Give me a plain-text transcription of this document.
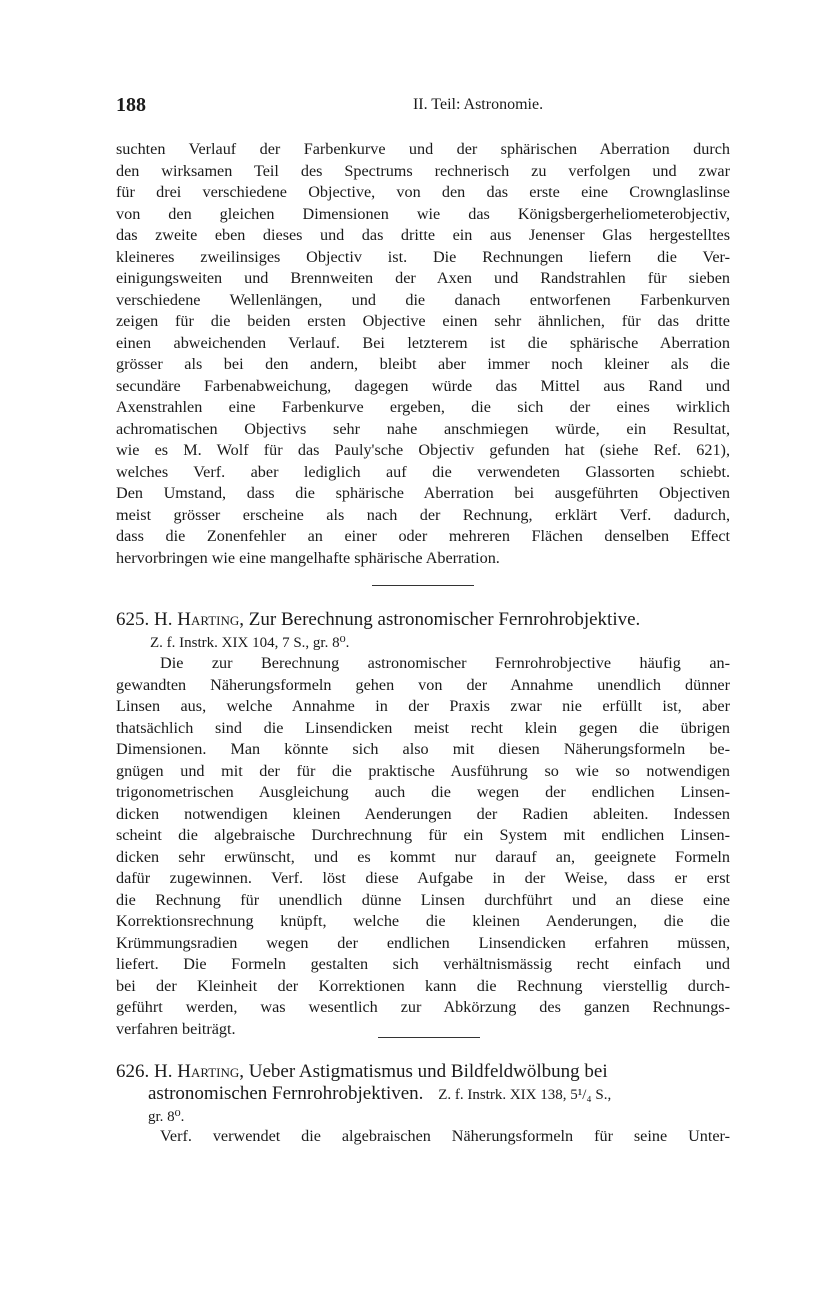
188	II. Teil: Astronomie.
suchten Verlauf der Farbenkurve und der sphärischen Aberration durch
den wirksamen Teil des Spectrums rechnerisch zu verfolgen und zwar
für drei verschiedene Objective, von den das erste eine Crownglaslinse
von den gleichen Dimensionen wie das Königsbergerheliometerobjectiv,
das zweite eben dieses und das dritte ein aus Jenenser Glas hergestelltes
kleineres zweilinsiges Objectiv ist. Die Rechnungen liefern die Ver-
einigungsweiten und Brennweiten der Axen und Randstrahlen für sieben
verschiedene Wellenlängen, und die danach entworfenen Farbenkurven
zeigen für die beiden ersten Objective einen sehr ähnlichen, für das dritte
einen abweichenden Verlauf. Bei letzterem ist die sphärische Aberration
grösser als bei den andern, bleibt aber immer noch kleiner als die
secundäre Farbenabweichung, dagegen würde das Mittel aus Rand und
Axenstrahlen eine Farbenkurve ergeben, die sich der eines wirklich
achromatischen Objectivs sehr nahe anschmiegen würde, ein Resultat,
wie es M. Wolf für das Pauly'sche Objectiv gefunden hat (siehe Ref. 621),
welches Verf. aber lediglich auf die verwendeten Glassorten schiebt.
Den Umstand, dass die sphärische Aberration bei ausgeführten Objectiven
meist grösser erscheine als nach der Rechnung, erklärt Verf. dadurch,
dass die Zonenfehler an einer oder mehreren Flächen denselben Effect
hervorbringen wie eine mangelhafte sphärische Aberration.
625. H. Harting, Zur Berechnung astronomischer Fernrohrobjektive.
Z. f. Instrk. XIX 104, 7 S., gr. 8⁰.
Die zur Berechnung astronomischer Fernrohrobjective häufig an-
gewandten Näherungsformeln gehen von der Annahme unendlich dünner
Linsen aus, welche Annahme in der Praxis zwar nie erfüllt ist, aber
thatsächlich sind die Linsendicken meist recht klein gegen die übrigen
Dimensionen. Man könnte sich also mit diesen Näherungsformeln be-
gnügen und mit der für die praktische Ausführung so wie so notwendigen
trigonometrischen Ausgleichung auch die wegen der endlichen Linsen-
dicken notwendigen kleinen Aenderungen der Radien ableiten. Indessen
scheint die algebraische Durchrechnung für ein System mit endlichen Linsen-
dicken sehr erwünscht, und es kommt nur darauf an, geeignete Formeln
dafür zugewinnen. Verf. löst diese Aufgabe in der Weise, dass er erst
die Rechnung für unendlich dünne Linsen durchführt und an diese eine
Korrektionsrechnung knüpft, welche die kleinen Aenderungen, die die
Krümmungsradien wegen der endlichen Linsendicken erfahren müssen,
liefert. Die Formeln gestalten sich verhältnismässig recht einfach und
bei der Kleinheit der Korrektionen kann die Rechnung vierstellig durch-
geführt werden, was wesentlich zur Abkörzung des ganzen Rechnungs-
verfahren beiträgt.
626. H. Harting, Ueber Astigmatismus und Bildfeldwölbung bei
astronomischen Fernrohrobjektiven. Z. f. Instrk. XIX 138, 5¹/₄ S.,
gr. 8⁰.
Verf. verwendet die algebraischen Näherungsformeln für seine Unter-
